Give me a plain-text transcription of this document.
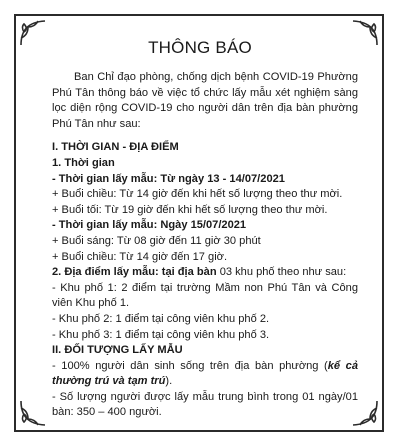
THÔNG BÁO

Ban Chỉ đạo phòng, chống dịch bệnh COVID-19 Phường Phú Tân thông báo về việc tổ chức lấy mẫu xét nghiệm sàng lọc diện rộng COVID-19 cho người dân trên địa bàn phường Phú Tân như sau:

I. THỜI GIAN - ĐỊA ĐIỂM

1. Thời gian

- Thời gian lấy mẫu: Từ ngày 13 - 14/07/2021

+ Buổi chiều: Từ 14 giờ đến khi hết số lượng theo thư mời.

+ Buổi tối: Từ 19 giờ đến khi hết số lượng theo thư mời.

- Thời gian lấy mẫu: Ngày 15/07/2021

+ Buổi sáng: Từ 08 giờ đến 11 giờ 30 phút

+ Buổi chiều: Từ 14 giờ đến 17 giờ.

2. Địa điểm lấy mẫu: tại địa bàn 03 khu phố theo như sau:

- Khu phố 1: 2 điểm tại trường Mầm non Phú Tân và Công viên Khu phố 1.

- Khu phố 2: 1 điểm tại công viên khu phố 2.

- Khu phố 3: 1 điểm tại công viên khu phố 3.

II. ĐỐI TƯỢNG LẤY MẪU

- 100% người dân sinh sống trên địa bàn phường (kể cả thường trú và tạm trú).

- Số lượng người được lấy mẫu trung bình trong 01 ngày/01 bàn: 350 – 400 người.
